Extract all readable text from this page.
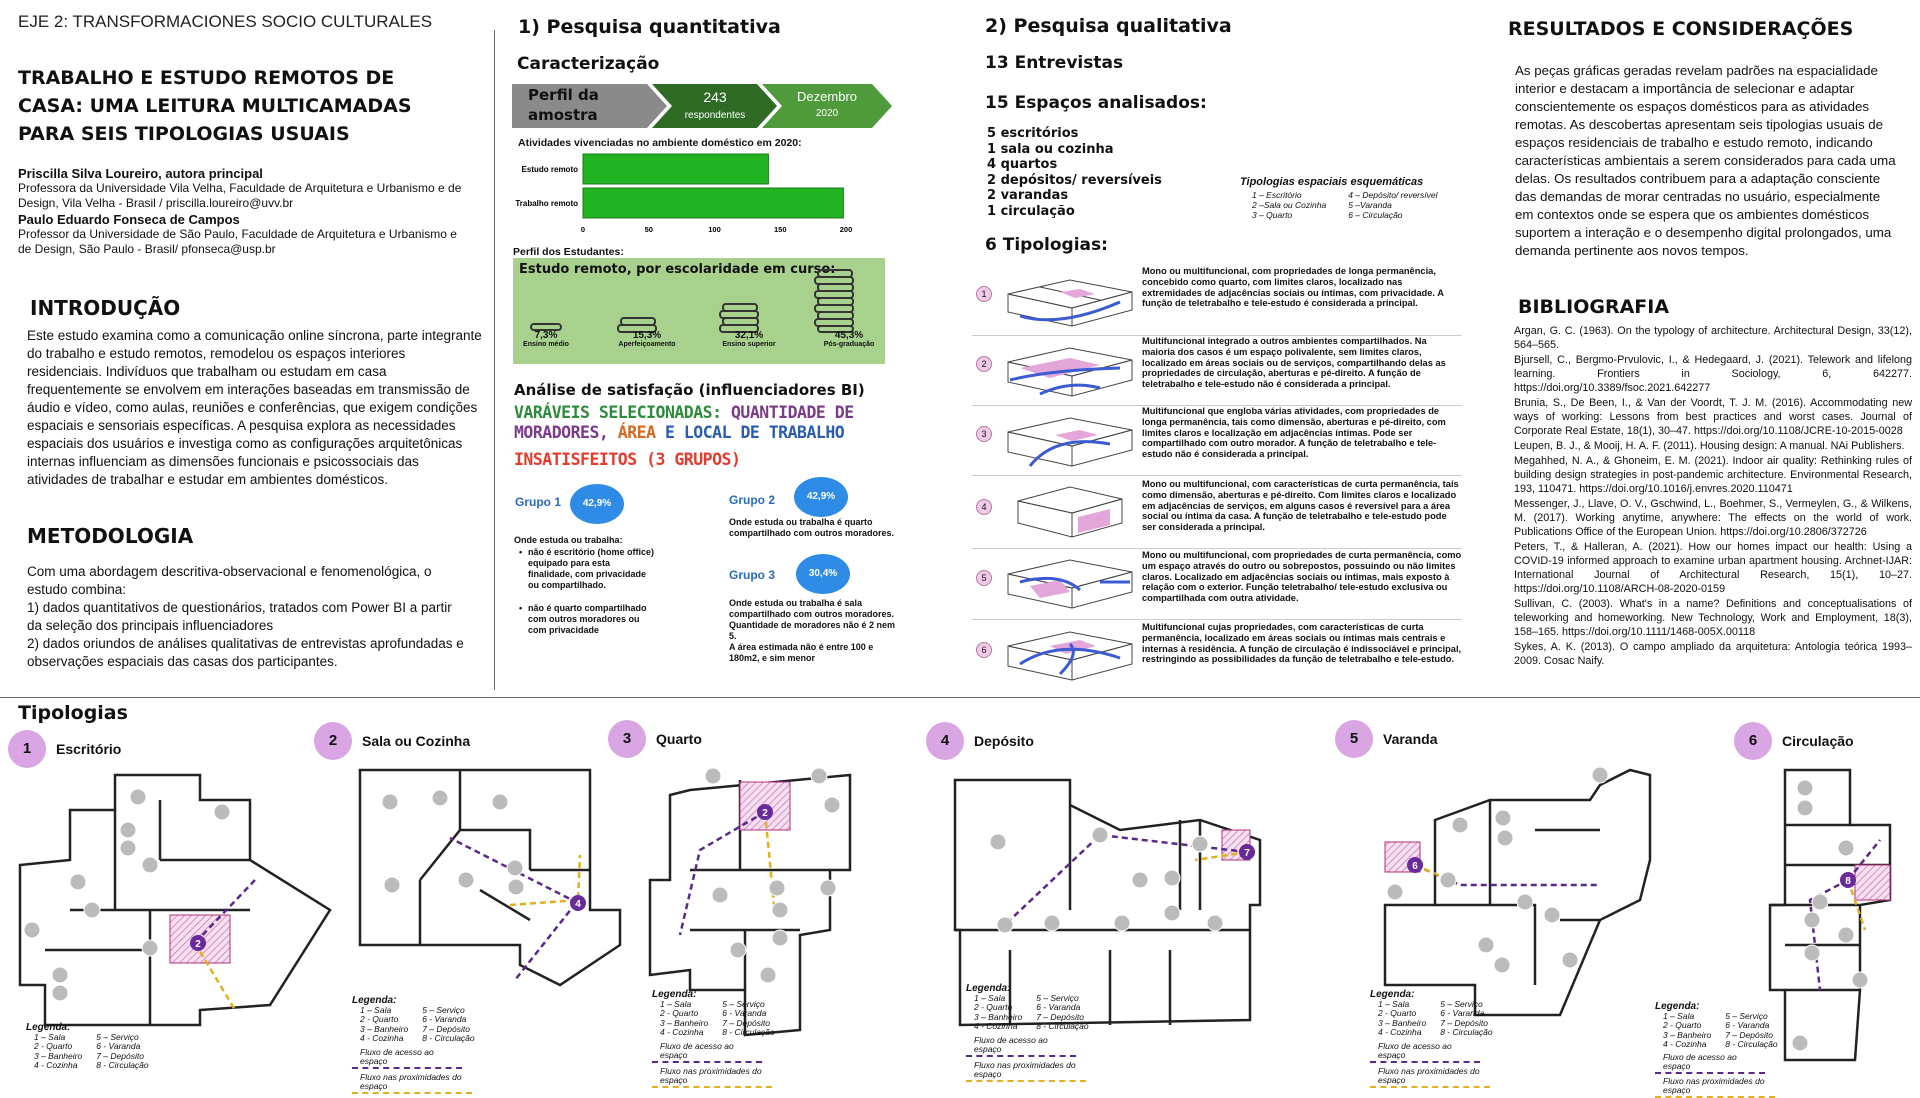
EJE 2: TRANSFORMACIONES SOCIO CULTURALES
TRABALHO E ESTUDO REMOTOS DE CASA: UMA LEITURA MULTICAMADAS PARA SEIS TIPOLOGIAS USUAIS
Priscilla Silva Loureiro, autora principal
Professora da Universidade Vila Velha, Faculdade de Arquitetura e Urbanismo e de Design, Vila Velha - Brasil / priscilla.loureiro@uvv.br
Paulo Eduardo Fonseca de Campos
Professor da Universidade de São Paulo, Faculdade de Arquitetura e Urbanismo e de Design, São Paulo - Brasil/ pfonseca@usp.br
INTRODUÇÃO
Este estudo examina como a comunicação online síncrona, parte integrante do trabalho e estudo remotos, remodelou os espaços interiores residenciais. Indivíduos que trabalham ou estudam em casa frequentemente se envolvem em interações baseadas em transmissão de áudio e vídeo, como aulas, reuniões e conferências, que exigem condições espaciais e sensoriais específicas. A pesquisa explora as necessidades espaciais dos usuários e investiga como as configurações arquitetônicas internas influenciam as dimensões funcionais e psicossociais das atividades de trabalhar e estudar em ambientes domésticos.
METODOLOGIA
Com uma abordagem descritiva-observacional e fenomenológica, o estudo combina:
1) dados quantitativos de questionários, tratados com Power BI a partir da seleção dos principais influenciadores
2) dados oriundos de análises qualitativas de entrevistas aprofundadas e observações espaciais das casas dos participantes.
1) Pesquisa quantitativa
Caracterização
Perfil da amostra
243
respondentes
Dezembro
2020
Atividades vivenciadas no ambiente doméstico em 2020:
Estudo remoto
Trabalho remoto
0	50	100	150	200
Perfil dos Estudantes:
Estudo remoto, por escolaridade em curso:
7,3%
Ensino médio
15,3%
Aperfeiçoamento
32,1%
Ensino superior
45,3%
Pós-graduação
Análise de satisfação (influenciadores BI)
VARÁVEIS SELECIONADAS: QUANTIDADE DE
MORADORES, ÁREA E LOCAL DE TRABALHO
INSATISFEITOS (3 GRUPOS)
Grupo 1	42,9%
Onde estuda ou trabalha:
• não é escritório (home office) equipado para esta finalidade, com privacidade ou compartilhado.
• não é quarto compartilhado com outros moradores ou com privacidade
Grupo 2	42,9%
Onde estuda ou trabalha é quarto compartilhado com outros moradores.
Grupo 3	30,4%
Onde estuda ou trabalha é sala compartilhado com outros moradores.
Quantidade de moradores não é 2 nem 5.
A área estimada não é entre 100 e 180m2, e sim menor
2) Pesquisa qualitativa
13 Entrevistas
15 Espaços analisados:
5 escritórios
1 sala ou cozinha
4 quartos
2 depósitos/ reversíveis
2 varandas
1 circulação
Tipologias espaciais esquemáticas
1 – Escritório
2 –Sala ou Cozinha
3 – Quarto
4 – Depósito/ reversível
5 –Varanda
6 – Circulação
6 Tipologias:
1
Mono ou multifuncional, com propriedades de longa permanência, concebido como quarto, com limites claros, localizado nas extremidades de adjacências sociais ou íntimas, com privacidade. A função de teletrabalho e tele-estudo é considerada a principal.
2
Multifuncional integrado a outros ambientes compartilhados. Na maioria dos casos é um espaço polivalente, sem limites claros, localizado em áreas sociais ou de serviços, compartilhando delas as propriedades de circulação, aberturas e pé-direito. A função de teletrabalho e tele-estudo não é considerada a principal.
3
Multifuncional que engloba várias atividades, com propriedades de longa permanência, tais como dimensão, aberturas e pé-direito, com limites claros e localização em adjacências íntimas. Pode ser compartilhado com outro morador. A função de teletrabalho e tele-estudo não é considerada a principal.
4
Mono ou multifuncional, com características de curta permanência, tais como dimensão, aberturas e pé-direito. Com limites claros e localizado em adjacências de serviços, em alguns casos é reversível para a área social ou íntima da casa. A função de teletrabalho e tele-estudo pode ser considerada a principal.
5
Mono ou multifuncional, com propriedades de curta permanência, como um espaço através do outro ou sobrepostos, possuindo ou não limites claros. Localizado em adjacências sociais ou íntimas, mais exposto à relação com o exterior. Função teletrabalho/ tele-estudo exclusiva ou compartilhada com outra atividade.
6
Multifuncional cujas propriedades, com características de curta permanência, localizado em áreas sociais ou íntimas mais centrais e internas à residência. A função de circulação é indissociável e principal, restringindo as possibilidades da função de teletrabalho e tele-estudo.
RESULTADOS E CONSIDERAÇÕES
As peças gráficas geradas revelam padrões na espacialidade interior e destacam a importância de selecionar e adaptar conscientemente os espaços domésticos para as atividades remotas. As descobertas apresentam seis tipologias usuais de espaços residenciais de trabalho e estudo remoto, indicando características ambientais a serem considerados para cada uma delas. Os resultados contribuem para a adaptação consciente das demandas de morar centradas no usuário, especialmente em contextos onde se espera que os ambientes domésticos suportem a interação e o desempenho digital prolongados, uma demanda pertinente aos novos tempos.
BIBLIOGRAFIA

Argan, G. C. (1963). On the typology of architecture. Architectural Design, 33(12), 564–565.

Bjursell, C., Bergmo-Prvulovic, I., & Hedegaard, J. (2021). Telework and lifelong learning. Frontiers in Sociology, 6, 642277. https://doi.org/10.3389/fsoc.2021.642277

Brunia, S., De Been, I., & Van der Voordt, T. J. M. (2016). Accommodating new ways of working: Lessons from best practices and worst cases. Journal of Corporate Real Estate, 18(1), 30–47. https://doi.org/10.1108/JCRE-10-2015-0028

Leupen, B. J., & Mooij, H. A. F. (2011). Housing design: A manual. NAi Publishers.

Megahhed, N. A., & Ghoneim, E. M. (2021). Indoor air quality: Rethinking rules of building design strategies in post-pandemic architecture. Environmental Research, 193, 110471. https://doi.org/10.1016/j.envres.2020.110471

Messenger, J., Llave, O. V., Gschwind, L., Boehmer, S., Vermeylen, G., & Wilkens, M. (2017). Working anytime, anywhere: The effects on the world of work. Publications Office of the European Union. https://doi.org/10.2806/372726

Peters, T., & Halleran, A. (2021). How our homes impact our health: Using a COVID-19 informed approach to examine urban apartment housing. Archnet-IJAR: International Journal of Architectural Research, 15(1), 10–27. https://doi.org/10.1108/ARCH-08-2020-0159

Sullivan, C. (2003). What's in a name? Definitions and conceptualisations of teleworking and homeworking. New Technology, Work and Employment, 18(3), 158–165. https://doi.org/10.1111/1468-005X.00118

Sykes, A. K. (2013). O campo ampliado da arquitetura: Antologia teórica 1993–2009. Cosac Naify.

Tipologias
1	Escritório	2	Sala ou Cozinha	3	Quarto	4	Depósito	5	Varanda	6	Circulação
2
4
2
7
6
8
Legenda:
1 – Sala
2 - Quarto
3 – Banheiro
4 - Cozinha
5 – Serviço
6 - Varanda
7 – Depósito
8 - Circulação
Legenda:
1 – Sala
2 - Quarto
3 – Banheiro
4 - Cozinha
5 – Serviço
6 - Varanda
7 – Depósito
8 - Circulação
Fluxo de acesso ao espaço
Fluxo nas proximidades do espaço
Legenda:
1 – Sala
2 - Quarto
3 – Banheiro
4 - Cozinha
5 – Serviço
6 - Varanda
7 – Depósito
8 - Circulação
Fluxo de acesso ao espaço
Fluxo nas proximidades do espaço
Legenda:
1 – Sala
2 - Quarto
3 – Banheiro
4 - Cozinha
5 – Serviço
6 - Varanda
7 – Depósito
8 - Circulação
Fluxo de acesso ao espaço
Fluxo nas proximidades do espaço
Legenda:
1 – Sala
2 - Quarto
3 – Banheiro
4 - Cozinha
5 – Serviço
6 - Varanda
7 – Depósito
8 - Circulação
Fluxo de acesso ao espaço
Fluxo nas proximidades do espaço
Legenda:
1 – Sala
2 - Quarto
3 – Banheiro
4 - Cozinha
5 – Serviço
6 - Varanda
7 – Depósito
8 - Circulação
Fluxo de acesso ao espaço
Fluxo nas proximidades do espaço
